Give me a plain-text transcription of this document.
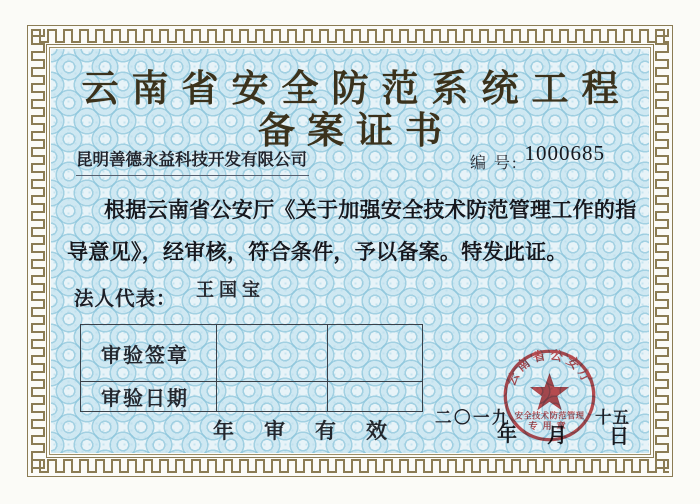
云南省安全防范系统工程
备案证书
昆明善德永益科技开发有限公司	编 号: 1000685
根据云南省公安厅《关于加强安全技术防范管理工作的指
导意见》，经审核，符合条件，予以备案。特发此证。
法人代表： 王国宝
审验签章		
审验日期		
年审有效
二〇一九
年 月
十五
日
云南省公安厅
安全技术防范管理
专用章
